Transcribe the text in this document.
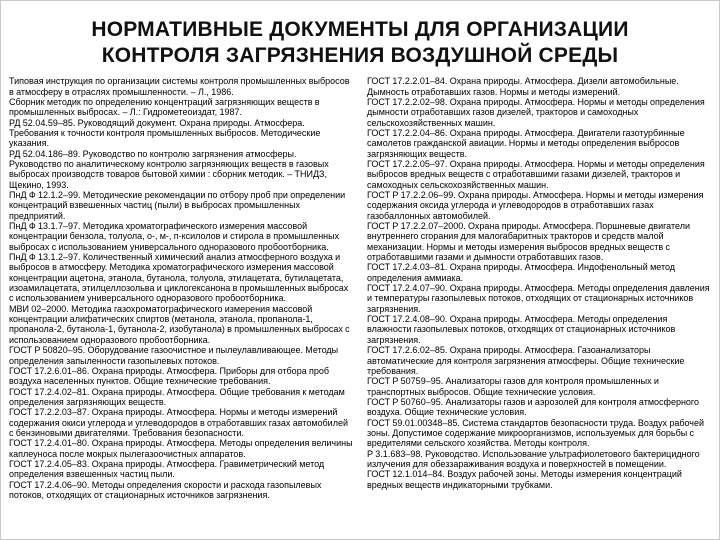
НОРМАТИВНЫЕ ДОКУМЕНТЫ ДЛЯ ОРГАНИЗАЦИИ КОНТРОЛЯ ЗАГРЯЗНЕНИЯ ВОЗДУШНОЙ СРЕДЫ

Типовая инструкция по организации системы контроля промышленных выбросов в атмосферу в отраслях промышленности. – Л., 1986.

Сборник методик по определению концентраций загрязняющих веществ в промышленных выбросах. – Л.: Гидрометеоиздат, 1987.

РД 52.04.59–85. Руководящий документ. Охрана природы. Атмосфера. Требования к точности контроля промышленных выбросов. Методические указания.

РД 52.04.186–89. Руководство по контролю загрязнения атмосферы.

Руководство по аналитическому контролю загрязняющих веществ в газовых выбросах производств товаров бытовой химии : сборник методик. – ТНИДЗ, Щекино, 1993.

ПнД Ф 12.1.2–99. Методические рекомендации по отбору проб при определении концентраций взвешенных частиц (пыли) в выбросах промышленных предприятий.

ПнД Ф 13.1.7–97. Методика хроматографического измерения массовой концентрации бензола, толуола, о-, м-, п-ксилолов и стирола в промышленных выбросах с использованием универсального одноразового пробоотборника.

ПнД Ф 13.1.2–97. Количественный химический анализ атмосферного воздуха и выбросов в атмосферу. Методика хроматографического измерения массовой концентрации ацетона, этанола, бутанола, толуола, этилацетата, бутилацетата, изоамилацетата, этилцеллозольва и циклогексанона в промышленных выбросах с использованием универсального одноразового пробоотборника.

МВИ 02–2000. Методика газохроматографического измерения массовой концентрации алифатических спиртов (метанола, этанола, пропанола-1, пропанола-2, бутанола-1, бутанола-2, изобутанола) в промышленных выбросах с использованием одноразового пробоотборника.

ГОСТ Р 50820–95. Оборудование газоочистное и пылеулавливающее. Методы определения запыленности газопылевых потоков.

ГОСТ 17.2.6.01–86. Охрана природы. Атмосфера. Приборы для отбора проб воздуха населенных пунктов. Общие технические требования.

ГОСТ 17.2.4.02–81. Охрана природы. Атмосфера. Общие требования к методам определения загрязняющих веществ.

ГОСТ 17.2.2.03–87. Охрана природы. Атмосфера. Нормы и методы измерений содержания окиси углерода и углеводородов в отработавших газах автомобилей с бензиновыми двигателями. Требования безопасности.

ГОСТ 17.2.4.01–80. Охрана природы. Атмосфера. Методы определения величины каплеуноса после мокрых пылегазоочистных аппаратов.

ГОСТ 17.2.4.05–83. Охрана природы. Атмосфера. Гравиметрический метод определения взвешенных частиц пыли.

ГОСТ 17.2.4.06–90. Методы определения скорости и расхода газопылевых потоков, отходящих от стационарных источников загрязнения.

ГОСТ 17.2.2.01–84. Охрана природы. Атмосфера. Дизели автомобильные. Дымность отработавших газов. Нормы и методы измерений.

ГОСТ 17.2.2.02–98. Охрана природы. Атмосфера. Нормы и методы определения дымности отработавших газов дизелей, тракторов и самоходных сельскохозяйственных машин.

ГОСТ 17.2.2.04–86. Охрана природы. Атмосфера. Двигатели газотурбинные самолетов гражданской авиации. Нормы и методы определения выбросов загрязняющих веществ.

ГОСТ 17.2.2.05–97. Охрана природы. Атмосфера. Нормы и методы определения выбросов вредных веществ с отработавшими газами дизелей, тракторов и самоходных сельскохозяйственных машин.

ГОСТ Р 17.2.2.06–99. Охрана природы. Атмосфера. Нормы и методы измерения содержания оксида углерода и углеводородов в отработавших газах газобаллонных автомобилей.

ГОСТ Р 17.2.2.07–2000. Охрана природы. Атмосфера. Поршневые двигатели внутреннего сгорания для малогабаритных тракторов и средств малой механизации. Нормы и методы измерения выбросов вредных веществ с отработавшими газами и дымности отработавших газов.

ГОСТ 17.2.4.03–81. Охрана природы. Атмосфера. Индофенольный метод определения аммиака.

ГОСТ 17.2.4.07–90. Охрана природы. Атмосфера. Методы определения давления и температуры газопылевых потоков, отходящих от стационарных источников загрязнения.

ГОСТ 17.2.4.08–90. Охрана природы. Атмосфера. Методы определения влажности газопылевых потоков, отходящих от стационарных источников загрязнения.

ГОСТ 17.2.6.02–85. Охрана природы. Атмосфера. Газоанализаторы автоматические для контроля загрязнения атмосферы. Общие технические требования.

ГОСТ Р 50759–95. Анализаторы газов для контроля промышленных и транспортных выбросов. Общие технические условия.

ГОСТ Р 50760–95. Анализаторы газов и аэрозолей для контроля атмосферного воздуха. Общие технические условия.

ГОСТ 59.01.00348–85. Система стандартов безопасности труда. Воздух рабочей зоны. Допустимое содержание микроорганизмов, используемых для борьбы с вредителями сельского хозяйства. Методы контроля.

Р 3.1.683–98. Руководство. Использование ультрафиолетового бактерицидного излучения для обеззараживания воздуха и поверхностей в помещении.

ГОСТ 12.1.014–84. Воздух рабочей зоны. Методы измерения концентраций вредных веществ индикаторными трубками.
